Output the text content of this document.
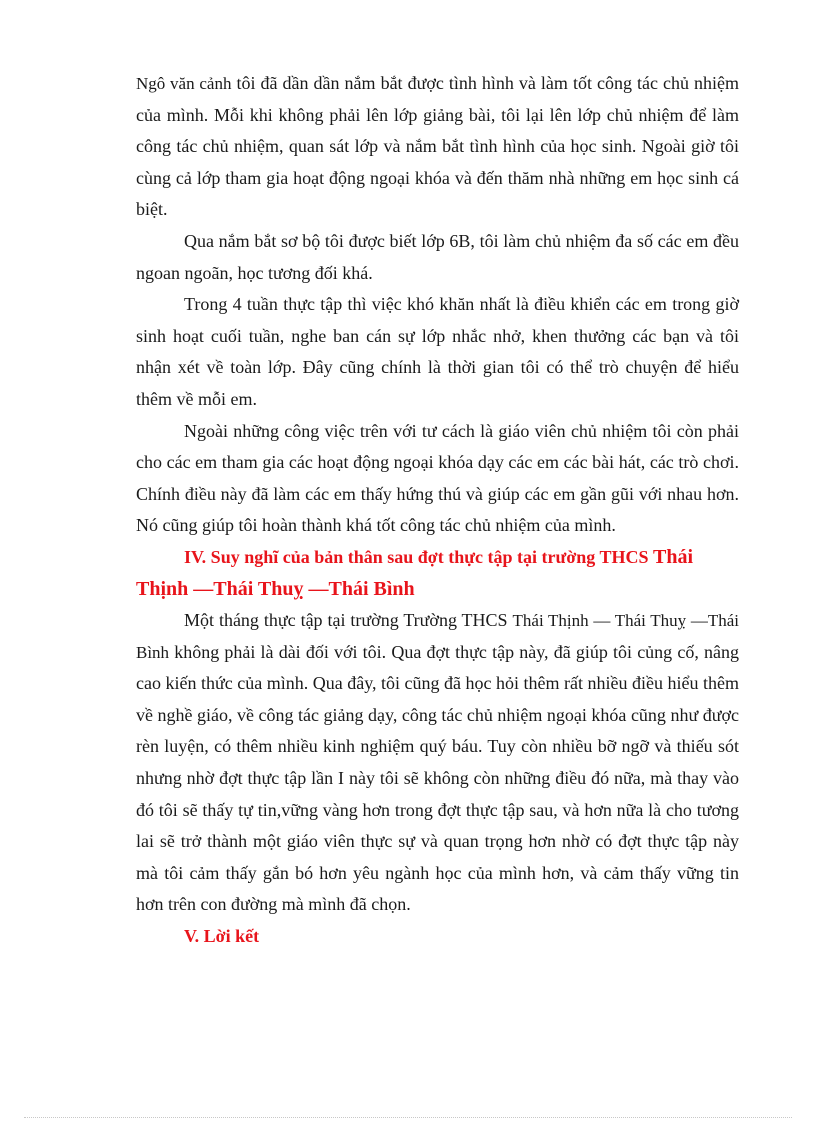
Ngô văn cảnh tôi đã dần dần nắm bắt được tình hình và làm tốt công tác chủ nhiệm của mình. Mỗi khi không phải lên lớp giảng bài, tôi lại lên lớp chủ nhiệm để làm công tác chủ nhiệm, quan sát lớp và nắm bắt tình hình của học sinh. Ngoài giờ tôi cùng cả lớp tham gia hoạt động ngoại khóa và đến thăm nhà những em học sinh cá biệt.

Qua nắm bắt sơ bộ tôi được biết lớp 6B, tôi làm chủ nhiệm đa số các em đều ngoan ngoãn, học tương đối khá.

Trong 4 tuần thực tập thì việc khó khăn nhất là điều khiển các em trong giờ sinh hoạt cuối tuần, nghe ban cán sự lớp nhắc nhở, khen thưởng các bạn và tôi nhận xét về toàn lớp. Đây cũng chính là thời gian tôi có thể trò chuyện để hiểu thêm về mỗi em.

Ngoài những công việc trên với tư cách là giáo viên chủ nhiệm tôi còn phải cho các em tham gia các hoạt động ngoại khóa dạy các em các bài hát, các trò chơi. Chính điều này đã làm các em thấy hứng thú và giúp các em gần gũi với nhau hơn. Nó cũng giúp tôi hoàn thành khá tốt công tác chủ nhiệm của mình.

IV. Suy nghĩ của bản thân sau đợt thực tập tại trường THCS Thái Thịnh —Thái Thuỵ —Thái Bình

Một tháng thực tập tại trường Trường THCS Thái Thịnh — Thái Thuỵ —Thái Bình không phải là dài đối với tôi. Qua đợt thực tập này, đã giúp tôi củng cố, nâng cao kiến thức của mình. Qua đây, tôi cũng đã học hỏi thêm rất nhiều điều hiểu thêm về nghề giáo, về công tác giảng dạy, công tác chủ nhiệm ngoại khóa cũng như được rèn luyện, có thêm nhiều kinh nghiệm quý báu. Tuy còn nhiều bỡ ngỡ và thiếu sót nhưng nhờ đợt thực tập lần I này tôi sẽ không còn những điều đó nữa, mà thay vào đó tôi sẽ thấy tự tin,vững vàng hơn trong đợt thực tập sau, và hơn nữa là cho tương lai sẽ trở thành một giáo viên thực sự và quan trọng hơn nhờ có đợt thực tập này mà tôi cảm thấy gắn bó hơn yêu ngành học của mình hơn, và cảm thấy vững tin hơn trên con đường mà mình đã chọn.

V. Lời kết
